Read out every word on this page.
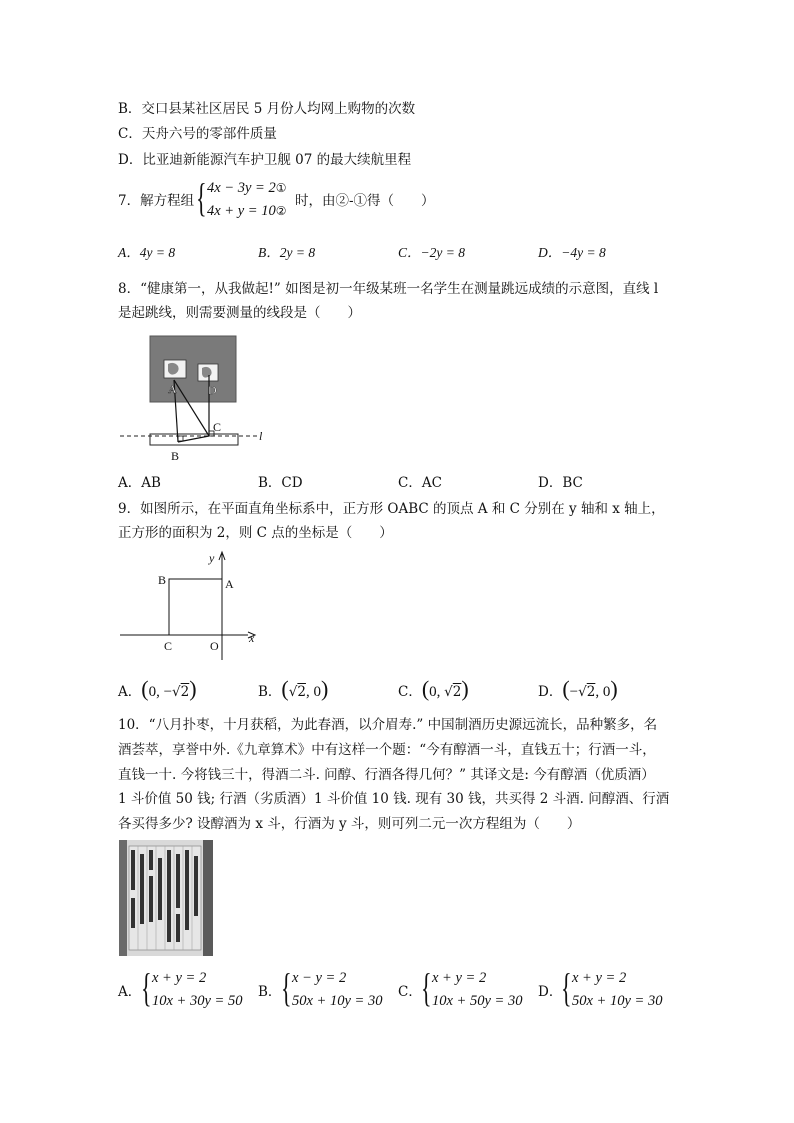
B．交口县某社区居民 5 月份人均网上购物的次数
C．天舟六号的零部件质量
D．比亚迪新能源汽车护卫舰 07 的最大续航里程
7．解方程组 { 4x − 3y = 2①
4x + y = 10②
时，由②-①得（　　）
A．4y = 8	B．2y = 8	C．−2y = 8	D．−4y = 8
8．“健康第一，从我做起!” 如图是初一年级某班一名学生在测量跳远成绩的示意图，直线 l
是起跳线，则需要测量的线段是（　　）
A	D
C
B
l
A．AB	B．CD	C．AC	D．BC
9．如图所示，在平面直角坐标系中，正方形 OABC 的顶点 A 和 C 分别在 y 轴和 x 轴上，
正方形的面积为 2，则 C 点的坐标是（　　）
y
x
B	A
C	O
A．(0, −√2)	B．(√2, 0)	C．(0, √2)	D．(−√2, 0)
10．“八月扑枣，十月获稻，为此春酒，以介眉寿.” 中国制酒历史源远流长，品种繁多，名
酒荟萃，享誉中外.《九章算术》中有这样一个题：“今有醇酒一斗，直钱五十；行酒一斗，
直钱一十. 今将钱三十，得酒二斗. 问醇、行酒各得几何？” 其译文是: 今有醇酒（优质酒）
1 斗价值 50 钱; 行酒（劣质酒）1 斗价值 10 钱. 现有 30 钱，共买得 2 斗酒. 问醇酒、行酒
各买得多少? 设醇酒为 x 斗，行酒为 y 斗，则可列二元一次方程组为（　　）
A． { x + y = 2
10x + 30y = 50
B． { x − y = 2
50x + 10y = 30
C． { x + y = 2
10x + 50y = 30
D．
{ x + y = 2
50x + 10y = 30
